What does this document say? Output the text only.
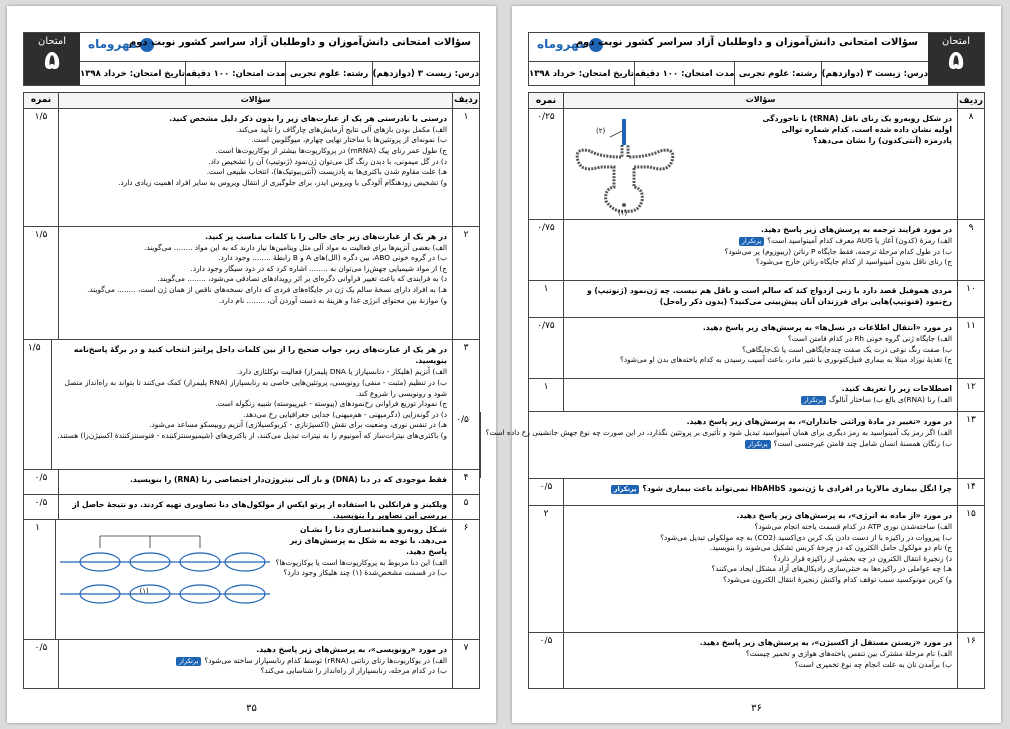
امتحان
۵
مهروماه
سؤالات امتحانی دانش‌آموزان و داوطلبان آزاد سراسر کشور نوبت دوم
درس: زیست ۳ (دوازدهم)
رشته: علوم تجربی
مدت امتحان: ۱۰۰ دقیقه
تاریخ امتحان: خرداد ۱۳۹۸
ردیف
سؤالات
نمره
۱
درستی یا نادرستی هر یک از عبارت‌های زیر را بدون ذکر دلیل مشخص کنید.
الف) مکمل بودن بازهای آلی نتایج آزمایش‌های چارگاف را تأیید می‌کند.
ب) نمونه‌ای از پروتئین‌ها با ساختار نهایی چهارم، میوگلوبین است.
ج) طول عمر رنای پیک (mRNA) در پروکاریوت‌ها بیشتر از یوکاریوت‌ها است.
د) در گل میمونی، با دیدن رنگ گل می‌توان ژن‌نمود (ژنوتیپ) آن را تشخیص داد.
هـ) علت مقاوم شدن باکتری‌ها به پادزیست (آنتی‌بیوتیک‌ها)، انتخاب طبیعی است.
و) تشخیص زودهنگام آلودگی با ویروس ایدز، برای جلوگیری از انتقال ویروس به سایر افراد اهمیت زیادی دارد.
۱/۵
۲
در هر یک از عبارت‌های زیر جای خالی را با کلمات مناسب پر کنید.
الف) بعضی آنزیم‌ها برای فعالیت به مواد آلی مثل ویتامین‌ها نیاز دارند که به این مواد ........ می‌گویند.
ب) در گروه خونی ABO، بین دگره (الل)‌های A و B رابطهٔ ........ وجود دارد.
ج) از مواد شیمیایی جهش‌زا می‌توان به ........ اشاره کرد که در دود سیگار وجود دارد.
د) به فرایندی که باعث تغییر فراوانی دگره‌ای بر اثر رویدادهای تصادفی می‌شود، ........ می‌گویند.
هـ) به افراد دارای نسخهٔ سالم یک ژن در جایگاه‌های فردی که دارای نسخه‌های ناقص از همان ژن است، ........ می‌گویند.
و) موازنهٔ بین محتوای انرژی غذا و هزینهٔ به دست آوردن آن، ........ نام دارد.
۱/۵
۳
در هر یک از عبارت‌های زیر، جواب صحیح را از بین کلمات داخل پرانتز انتخاب کنید و در برگهٔ پاسخ‌نامه بنویسید.
الف) آنزیم (هلیکاز - دنابسپاراز یا DNA پلیمراز) فعالیت نوکلئازی دارد.
ب) در تنظیم (مثبت - منفی) رونویسی، پروتئین‌هایی خاصی به رنابسپاراز (RNA پلیمراز) کمک می‌کنند تا بتواند به راه‌انداز متصل
شود و رونویسی را شروع کند.
ج) نمودار توزیع فراوانی رخ‌نمودهای (پیوسته - غیرپیوسته) شبیه زنگوله است.
د) در گونه‌زایی (دگرمیهنی - هم‌میهنی) جدایی جغرافیایی رخ می‌دهد.
هـ) در تنفس نوری، وضعیت برای نقش (اکسیژنازی - کربوکسیلازی) آنزیم روبیسکو مساعد می‌شود.
و) باکتری‌های نیترات‌ساز که آمونیوم را به نیترات تبدیل می‌کنند، از باکتری‌های (شیمیوسنتزکننده - فتوسنتزکنندهٔ اکسیژن‌زا) هستند.
۱/۵
۴
فقط موجودی که در دنا (DNA) و باز آلی نیتروژن‌دار اختصاصی رنا (RNA) را بنویسید.
۰/۵
۵
ویلکینز و فرانکلین با استفاده از پرتو ایکس از مولکول‌های دنا تصاویری تهیه کردند. دو نتیجهٔ حاصل از بررسی این تصاویر را بنویسید.
۰/۵
۶
شـکل روبه‌رو همانندسـازی دنا را نشـان می‌دهد. با توجه به شکل به پرسش‌های زیر پاسخ دهید.
الف) این دنا مربوط به پروکاریوت‌ها است یا یوکاریوت‌ها؟
ب) در قسمت مشخص‌شدهٔ (۱) چند هلیکاز وجود دارد؟
(۱)
۱
۷
در مورد «رونویسی»، به پرسش‌های زیر پاسخ دهید.
الف) در یوکاریوت‌ها رنای رناتنی (rRNA) توسط کدام رنابسپاراز ساخته می‌شود؟پرتکرار
ب) در کدام مرحله، رنابسپاراز از راه‌انداز را شناسایی می‌کند؟
۰/۵
۳۵
امتحان
۵
مهروماه
سؤالات امتحانی دانش‌آموزان و داوطلبان آزاد سراسر کشور نوبت دوم
درس: زیست ۳ (دوازدهم)
رشته: علوم تجربی
مدت امتحان: ۱۰۰ دقیقه
تاریخ امتحان: خرداد ۱۳۹۸
ردیف
سؤالات
نمره
۸
در شکل روبه‌رو یک رنای ناقل (tRNA) با تاخوردگی اولیه نشان داده شده است. کدام شماره توالی پادرمزه (آنتی‌کدون) را نشان می‌دهد؟
(۲)
(۱)
۰/۲۵
۹
در مورد فرایند ترجمه به پرسش‌های زیر پاسخ دهید.
الف) رمزهٔ (کدون) آغاز یا AUG معرف کدام آمینواسید است؟پرتکرار
ب) در طول کدام مرحلهٔ ترجمه، فقط جایگاه P رناتن (ریبوزوم) پر می‌شود؟
ج) رنای ناقل بدون آمینواسید از کدام جایگاه رناتن خارج می‌شود؟
۰/۷۵
۱۰
مردی هموفیل قصد دارد با زنی ازدواج کند که سالم است و ناقل هم نیست. چه ژن‌نمود (ژنوتیپ) و رخ‌نمود (فنوتیپ)‌هایی برای فرزندان آنان پیش‌بینی می‌کنید؟ (بدون ذکر راه‌حل)
۱
۱۱
در مورد «انتقال اطلاعات در نسل‌ها» به پرسش‌های زیر پاسخ دهید.
الف) جایگاه ژنی گروه خونی Rh در کدام فامتن است؟
ب) صفت رنگ نوعی ذرت یک صفت چندجایگاهی است یا تک‌جایگاهی؟
ج) تغذیهٔ نوزاد مبتلا به بیماری فنیل‌کتونوری با شیر مادر، باعث آسیب رسیدن به کدام یاخته‌های بدن او می‌شود؟
۰/۷۵
۱۲
اصطلاحات زیر را تعریف کنید.
الف) رنا (RNA)ی بالغ ب) ساختار آنالوگپرتکرار
۱
۱۳
در مورد «تغییر در مادهٔ وراثتی جانداران»، به پرسش‌های زیر پاسخ دهید.
الف) اگر رمز یک آمینواسید به رمز دیگری برای همان آمینواسید تبدیل شود و تأثیری بر پروتئین نگذارد، در این صورت چه نوع جهش جانشینی رخ داده است؟
ب) زنگان همسنهٔ انسان شامل چند فامتن غیرجنسی است؟پرتکرار
۰/۵
۱۴
چرا انگل بیماری مالاریا در افرادی با ژن‌نمود HbAHbS نمی‌تواند باعث بیماری شود؟پرتکرار
۰/۵
۱۵
در مورد «از ماده به انرژی»، به پرسش‌های زیر پاسخ دهید.
الف) ساخته‌شدن نوری ATP در کدام قسمت یاخته انجام می‌شود؟
ب) پیرووات در راکیزه با از دست دادن یک کربن دی‌اکسید (CO2) به چه مولکولی تبدیل می‌شود؟
ج) نام دو مولکول حامل الکترون که در چرخهٔ کربس تشکیل می‌شوند را بنویسید.
د) زنجیرهٔ انتقال الکترون در چه بخشی از راکیزه قرار دارد؟
هـ) چه عواملی در راکیزه‌ها به خنثی‌سازی رادیکال‌های آزاد مشکل ایجاد می‌کنند؟
و) کربن مونوکسید سبب توقف کدام واکنش زنجیرهٔ انتقال الکترون می‌شود؟
۲
۱۶
در مورد «زیستن مستقل از اکسیژن»، به پرسش‌های زیر پاسخ دهید.
الف) نام مرحلهٔ مشترک بین تنفس یاخته‌های هوازی و تخمیر چیست؟
ب) برآمدن نان به علت انجام چه نوع تخمیری است؟
۰/۵
۳۶
